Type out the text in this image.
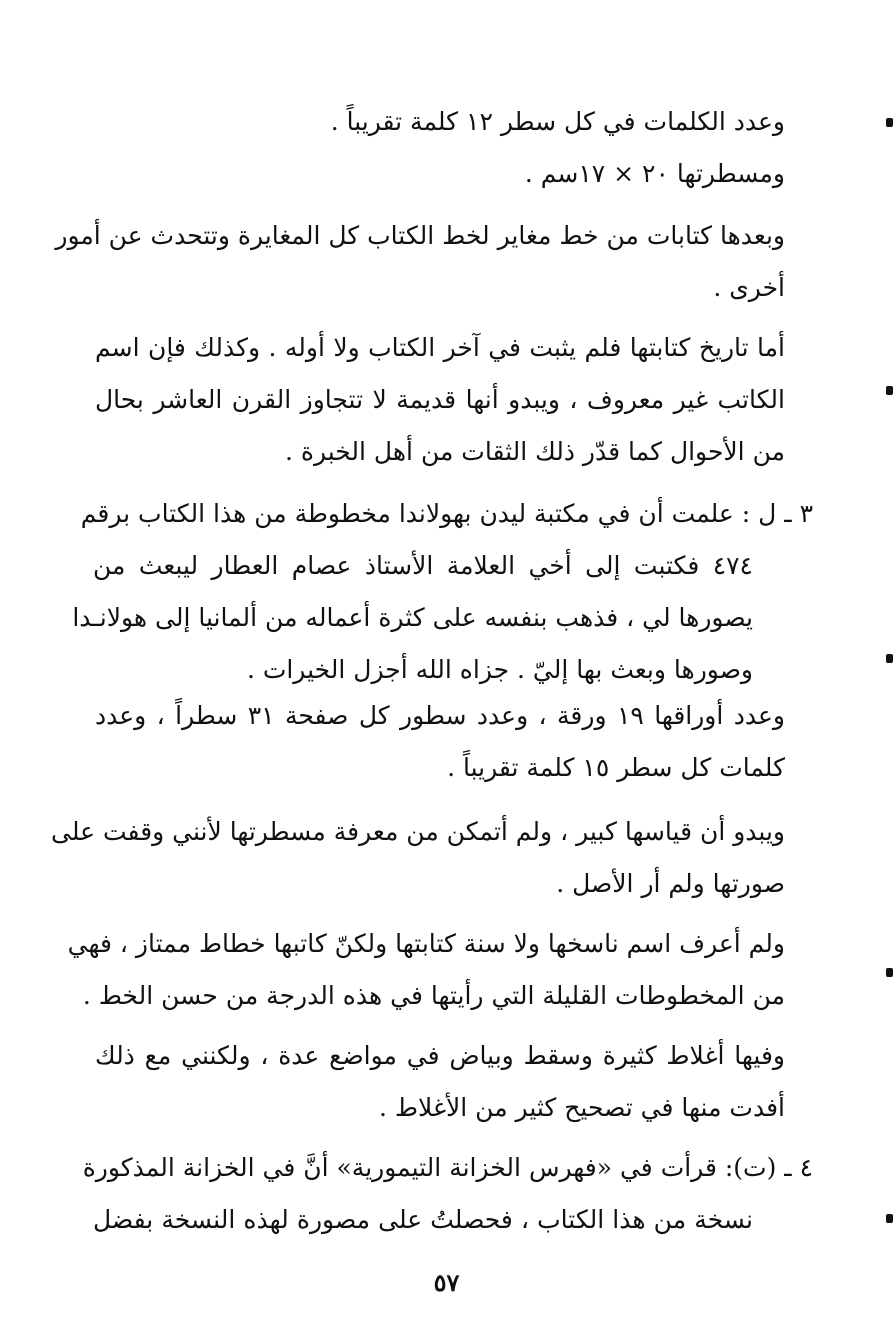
وعدد الكلمات في كل سطر ١٢ كلمة تقريباً .
ومسطرتها ٢٠ × ١٧سم .
وبعدها كتابات من خط مغاير لخط الكتاب كل المغايرة وتتحدث عن أمور
أخرى .
أما تاريخ كتابتها فلم يثبت في آخر الكتاب ولا أوله . وكذلك فإن اسم
الكاتب غير معروف ، ويبدو أنها قديمة لا تتجاوز القرن العاشر بحال
من الأحوال كما قدّر ذلك الثقات من أهل الخبرة .
٣ ـ ل : علمت أن في مكتبة ليدن بهولاندا مخطوطة من هذا الكتاب برقم
٤٧٤ فكتبت إلى أخي العلامة الأستاذ عصام العطار ليبعث من
يصورها لي ، فذهب بنفسه على كثرة أعماله من ألمانيا إلى هولانـدا
وصورها وبعث بها إليّ . جزاه الله أجزل الخيرات .
وعدد أوراقها ١٩ ورقة ، وعدد سطور كل صفحة ٣١ سطراً ، وعدد
كلمات كل سطر ١٥ كلمة تقريباً .
ويبدو أن قياسها كبير ، ولم أتمكن من معرفة مسطرتها لأنني وقفت على
صورتها ولم أر الأصل .
ولم أعرف اسم ناسخها ولا سنة كتابتها ولكنّ كاتبها خطاط ممتاز ، فهي
من المخطوطات القليلة التي رأيتها في هذه الدرجة من حسن الخط .
وفيها أغلاط كثيرة وسقط وبياض في مواضع عدة ، ولكنني مع ذلك
أفدت منها في تصحيح كثير من الأغلاط .
٤ ـ (ت): قرأت في «فهرس الخزانة التيمورية» أنَّ في الخزانة المذكورة
نسخة من هذا الكتاب ، فحصلتُ على مصورة لهذه النسخة بفضل
٥٧
